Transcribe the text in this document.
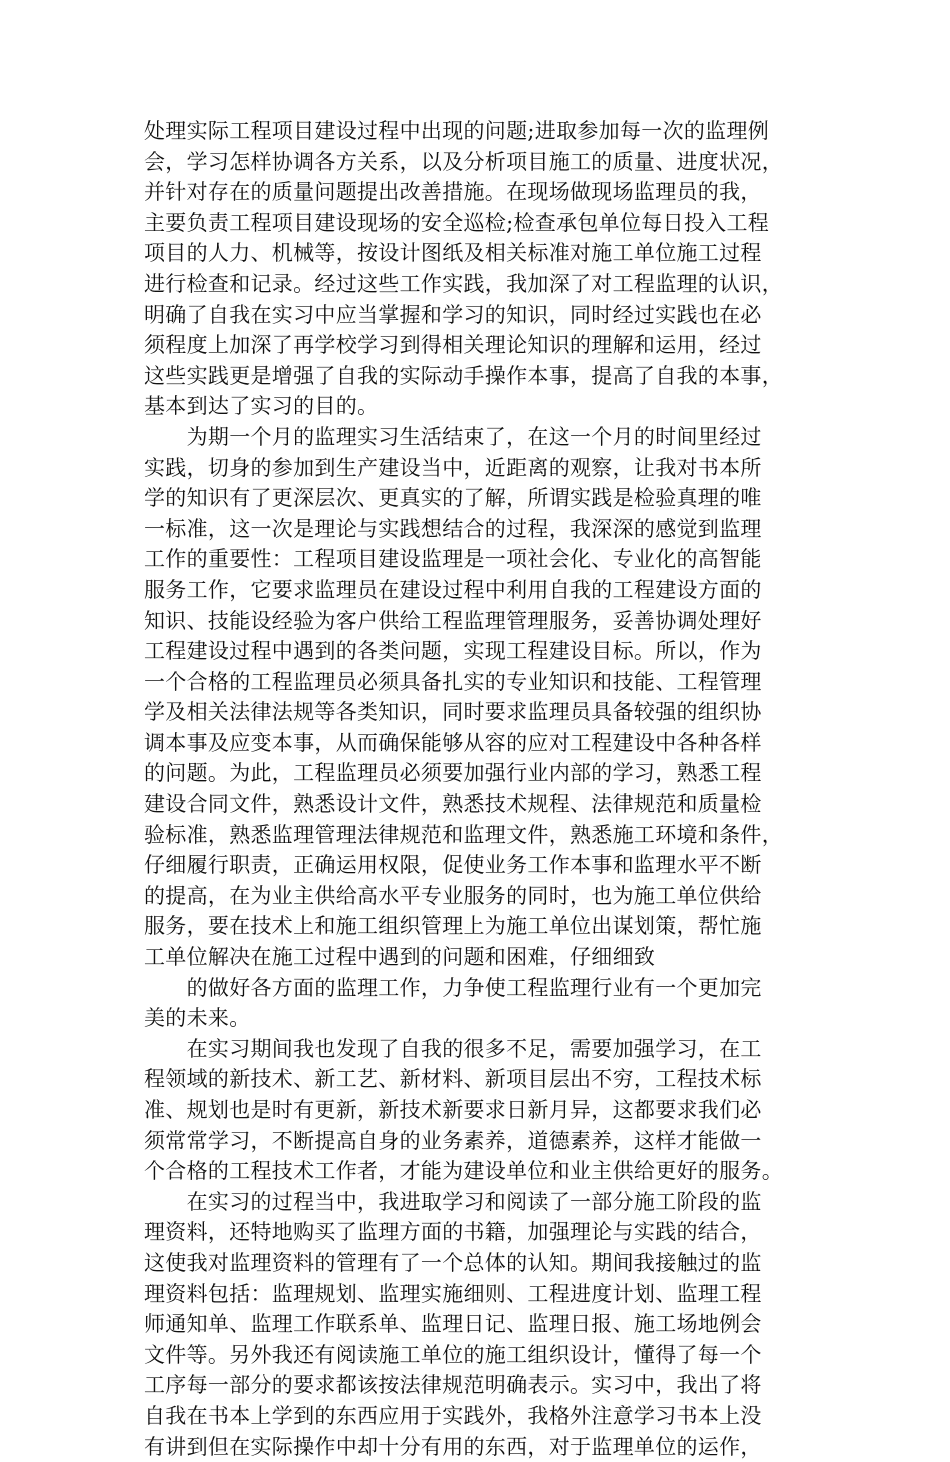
处理实际工程项目建设过程中出现的问题;进取参加每一次的监理例
会，学习怎样协调各方关系，以及分析项目施工的质量、进度状况，
并针对存在的质量问题提出改善措施。在现场做现场监理员的我，
主要负责工程项目建设现场的安全巡检;检查承包单位每日投入工程
项目的人力、机械等，按设计图纸及相关标准对施工单位施工过程
进行检查和记录。经过这些工作实践，我加深了对工程监理的认识，
明确了自我在实习中应当掌握和学习的知识，同时经过实践也在必
须程度上加深了再学校学习到得相关理论知识的理解和运用，经过
这些实践更是增强了自我的实际动手操作本事，提高了自我的本事，
基本到达了实习的目的。
　　为期一个月的监理实习生活结束了，在这一个月的时间里经过
实践，切身的参加到生产建设当中，近距离的观察，让我对书本所
学的知识有了更深层次、更真实的了解，所谓实践是检验真理的唯
一标准，这一次是理论与实践想结合的过程，我深深的感觉到监理
工作的重要性：工程项目建设监理是一项社会化、专业化的高智能
服务工作，它要求监理员在建设过程中利用自我的工程建设方面的
知识、技能设经验为客户供给工程监理管理服务，妥善协调处理好
工程建设过程中遇到的各类问题，实现工程建设目标。所以，作为
一个合格的工程监理员必须具备扎实的专业知识和技能、工程管理
学及相关法律法规等各类知识，同时要求监理员具备较强的组织协
调本事及应变本事，从而确保能够从容的应对工程建设中各种各样
的问题。为此，工程监理员必须要加强行业内部的学习，熟悉工程
建设合同文件，熟悉设计文件，熟悉技术规程、法律规范和质量检
验标准，熟悉监理管理法律规范和监理文件，熟悉施工环境和条件，
仔细履行职责，正确运用权限，促使业务工作本事和监理水平不断
的提高，在为业主供给高水平专业服务的同时，也为施工单位供给
服务，要在技术上和施工组织管理上为施工单位出谋划策，帮忙施
工单位解决在施工过程中遇到的问题和困难，仔细细致
　　的做好各方面的监理工作，力争使工程监理行业有一个更加完
美的未来。
　　在实习期间我也发现了自我的很多不足，需要加强学习，在工
程领域的新技术、新工艺、新材料、新项目层出不穷，工程技术标
准、规划也是时有更新，新技术新要求日新月异，这都要求我们必
须常常学习，不断提高自身的业务素养，道德素养，这样才能做一
个合格的工程技术工作者，才能为建设单位和业主供给更好的服务。
　　在实习的过程当中，我进取学习和阅读了一部分施工阶段的监
理资料，还特地购买了监理方面的书籍，加强理论与实践的结合，
这使我对监理资料的管理有了一个总体的认知。期间我接触过的监
理资料包括：监理规划、监理实施细则、工程进度计划、监理工程
师通知单、监理工作联系单、监理日记、监理日报、施工场地例会
文件等。另外我还有阅读施工单位的施工组织设计，懂得了每一个
工序每一部分的要求都该按法律规范明确表示。实习中，我出了将
自我在书本上学到的东西应用于实践外，我格外注意学习书本上没
有讲到但在实际操作中却十分有用的东西，对于监理单位的运作，
